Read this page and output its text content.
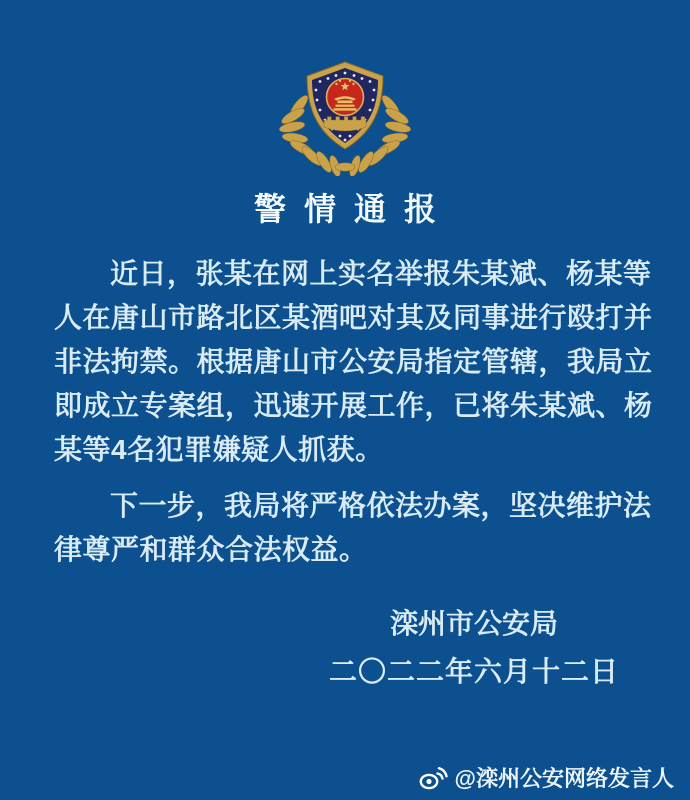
警情通报
近日，张某在网上实名举报朱某斌、杨某等
人在唐山市路北区某酒吧对其及同事进行殴打并
非法拘禁。根据唐山市公安局指定管辖，我局立
即成立专案组，迅速开展工作，已将朱某斌、杨
某等4名犯罪嫌疑人抓获。
下一步，我局将严格依法办案，坚决维护法
律尊严和群众合法权益。
滦州市公安局
二〇二二年六月十二日
@滦州公安网络发言人
